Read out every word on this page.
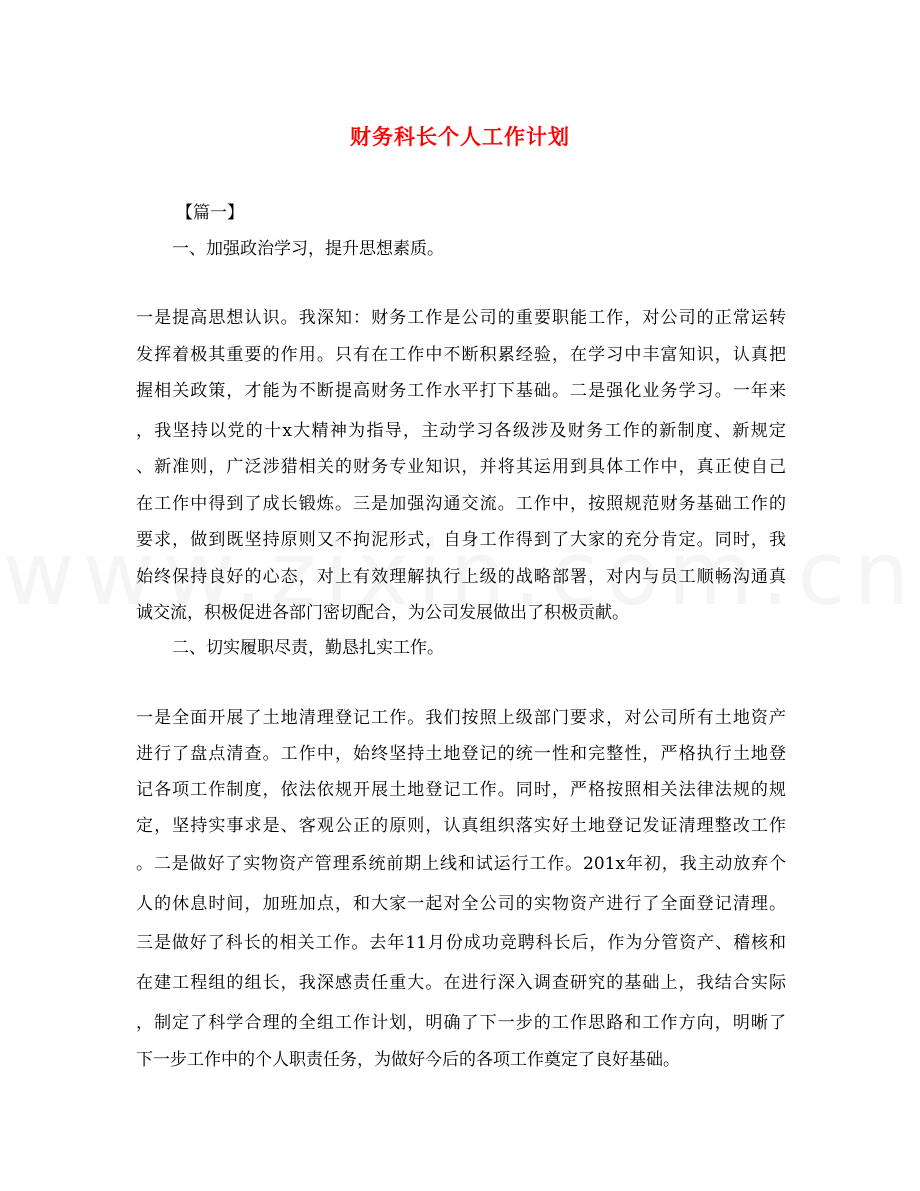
财务科长个人工作计划
【篇一】
一、加强政治学习，提升思想素质。
一是提高思想认识。我深知：财务工作是公司的重要职能工作，对公司的正常运转
发挥着极其重要的作用。只有在工作中不断积累经验，在学习中丰富知识，认真把
握相关政策，才能为不断提高财务工作水平打下基础。二是强化业务学习。一年来
，我坚持以党的十x大精神为指导，主动学习各级涉及财务工作的新制度、新规定
、新准则，广泛涉猎相关的财务专业知识，并将其运用到具体工作中，真正使自己
在工作中得到了成长锻炼。三是加强沟通交流。工作中，按照规范财务基础工作的
要求，做到既坚持原则又不拘泥形式，自身工作得到了大家的充分肯定。同时，我
始终保持良好的心态，对上有效理解执行上级的战略部署，对内与员工顺畅沟通真
诚交流，积极促进各部门密切配合，为公司发展做出了积极贡献。
二、切实履职尽责，勤恳扎实工作。
一是全面开展了土地清理登记工作。我们按照上级部门要求，对公司所有土地资产
进行了盘点清查。工作中，始终坚持土地登记的统一性和完整性，严格执行土地登
记各项工作制度，依法依规开展土地登记工作。同时，严格按照相关法律法规的规
定，坚持实事求是、客观公正的原则，认真组织落实好土地登记发证清理整改工作
。二是做好了实物资产管理系统前期上线和试运行工作。201x年初，我主动放弃个
人的休息时间，加班加点，和大家一起对全公司的实物资产进行了全面登记清理。
三是做好了科长的相关工作。去年11月份成功竞聘科长后，作为分管资产、稽核和
在建工程组的组长，我深感责任重大。在进行深入调查研究的基础上，我结合实际
，制定了科学合理的全组工作计划，明确了下一步的工作思路和工作方向，明晰了
下一步工作中的个人职责任务，为做好今后的各项工作奠定了良好基础。
